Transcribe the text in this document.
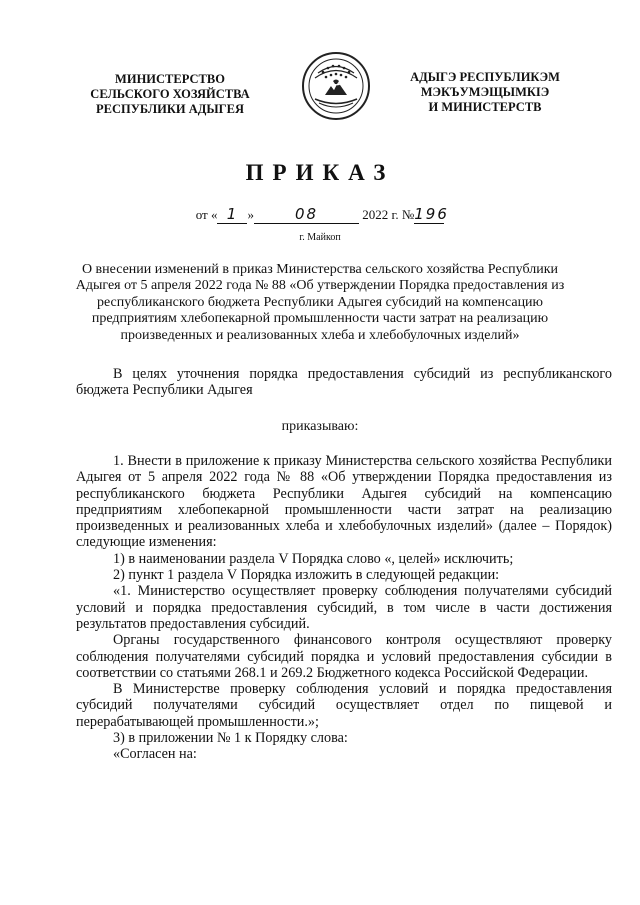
МИНИСТЕРСТВО
СЕЛЬСКОГО ХОЗЯЙСТВА
РЕСПУБЛИКИ АДЫГЕЯ
АДЫГЭ РЕСПУБЛИКЭМ
МЭКЪУМЭЩЫМКIЭ
И МИНИСТЕРСТВ
ПРИКАЗ
от « 1 »	08	2022 г. №196
г. Майкоп
О внесении изменений в приказ Министерства сельского хозяйства Республики Адыгея от 5 апреля 2022 года № 88 «Об утверждении Порядка предоставления из республиканского бюджета Республики Адыгея субсидий на компенсацию предприятиям хлебопекарной промышленности части затрат на реализацию произведенных и реализованных хлеба и хлебобулочных изделий»
В целях уточнения порядка предоставления субсидий из республиканского бюджета Республики Адыгея
приказываю:

1. Внести в приложение к приказу Министерства сельского хозяйства Республики Адыгея от 5 апреля 2022 года № 88 «Об утверждении Порядка предоставления из республиканского бюджета Республики Адыгея субсидий на компенсацию предприятиям хлебопекарной промышленности части затрат на реализацию произведенных и реализованных хлеба и хлебобулочных изделий» (далее – Порядок) следующие изменения:

1) в наименовании раздела V Порядка слово «, целей» исключить;

2) пункт 1 раздела V Порядка изложить в следующей редакции:

«1. Министерство осуществляет проверку соблюдения получателями субсидий условий и порядка предоставления субсидий, в том числе в части достижения результатов предоставления субсидий.

Органы государственного финансового контроля осуществляют проверку соблюдения получателями субсидий порядка и условий предоставления субсидии в соответствии со статьями 268.1 и 269.2 Бюджетного кодекса Российской Федерации.

В Министерстве проверку соблюдения условий и порядка предоставления субсидий получателями субсидий осуществляет отдел по пищевой и перерабатывающей промышленности.»;

3) в приложении № 1 к Порядку слова:

«Согласен на:
